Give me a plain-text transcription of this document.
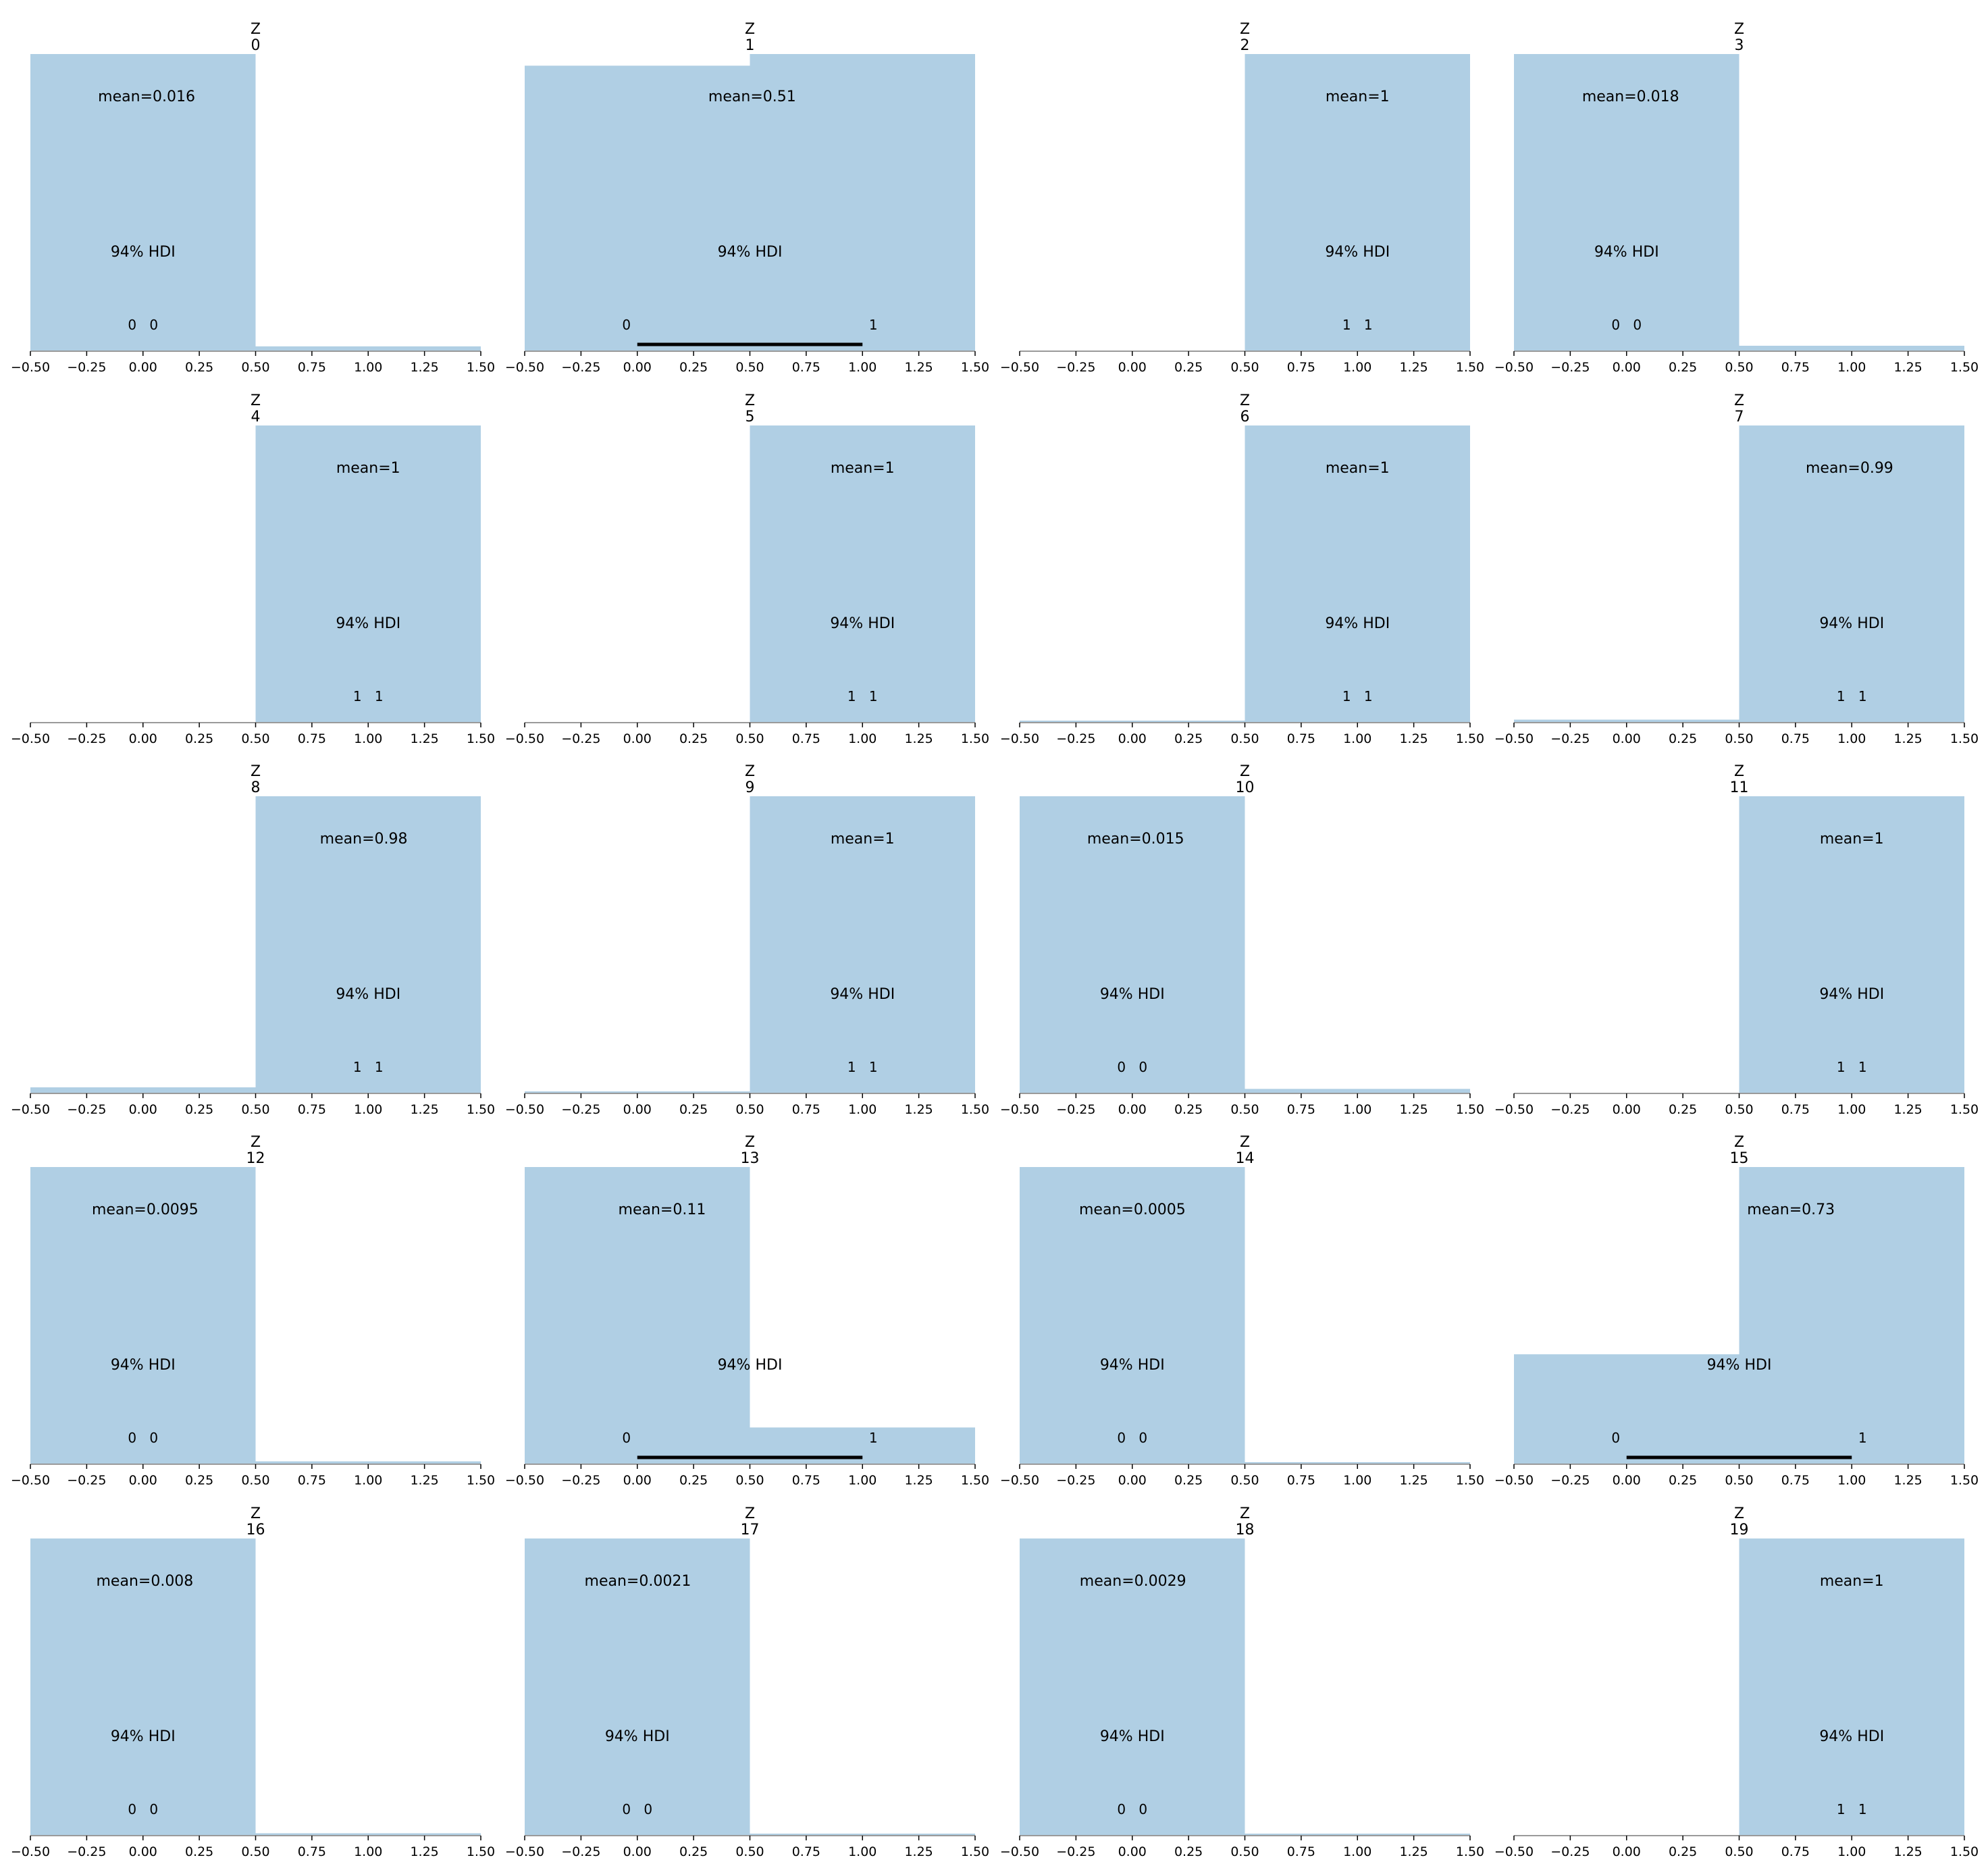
−0.50 −0.25 0.00 0.25 0.50 0.75 1.00 1.25 1.50
Z
0
mean=0.016
94% HDI
0 0
−0.50 −0.25 0.00 0.25 0.50 0.75 1.00 1.25 1.50
Z
1
mean=0.51
94% HDI
0	1
−0.50 −0.25 0.00 0.25 0.50 0.75 1.00 1.25 1.50
Z
2
mean=1
94% HDI
1 1
−0.50 −0.25 0.00 0.25 0.50 0.75 1.00 1.25 1.50
Z
3
mean=0.018
94% HDI
0 0
−0.50 −0.25 0.00 0.25 0.50 0.75 1.00 1.25 1.50
Z
4
mean=1
94% HDI
1 1
−0.50 −0.25 0.00 0.25 0.50 0.75 1.00 1.25 1.50
Z
5
mean=1
94% HDI
1 1
−0.50 −0.25 0.00 0.25 0.50 0.75 1.00 1.25 1.50
Z
6
mean=1
94% HDI
1 1
−0.50 −0.25 0.00 0.25 0.50 0.75 1.00 1.25 1.50
Z
7
mean=0.99
94% HDI
1 1
−0.50 −0.25 0.00 0.25 0.50 0.75 1.00 1.25 1.50
Z
8
mean=0.98
94% HDI
1 1
−0.50 −0.25 0.00 0.25 0.50 0.75 1.00 1.25 1.50
Z
9
mean=1
94% HDI
1 1
−0.50 −0.25 0.00 0.25 0.50 0.75 1.00 1.25 1.50
Z
10
mean=0.015
94% HDI
0 0
−0.50 −0.25 0.00 0.25 0.50 0.75 1.00 1.25 1.50
Z
11
mean=1
94% HDI
1 1
−0.50 −0.25 0.00 0.25 0.50 0.75 1.00 1.25 1.50
Z
12
mean=0.0095
94% HDI
0 0
−0.50 −0.25 0.00 0.25 0.50 0.75 1.00 1.25 1.50
Z
13
mean=0.11
94% HDI
0	1
−0.50 −0.25 0.00 0.25 0.50 0.75 1.00 1.25 1.50
Z
14
mean=0.0005
94% HDI
0 0
−0.50 −0.25 0.00 0.25 0.50 0.75 1.00 1.25 1.50
Z
15
mean=0.73
94% HDI
0	1
−0.50 −0.25 0.00 0.25 0.50 0.75 1.00 1.25 1.50
Z
16
mean=0.008
94% HDI
0 0
−0.50 −0.25 0.00 0.25 0.50 0.75 1.00 1.25 1.50
Z
17
mean=0.0021
94% HDI
0 0
−0.50 −0.25 0.00 0.25 0.50 0.75 1.00 1.25 1.50
Z
18
mean=0.0029
94% HDI
0 0
−0.50 −0.25 0.00 0.25 0.50 0.75 1.00 1.25 1.50
Z
19
mean=1
94% HDI
1 1
